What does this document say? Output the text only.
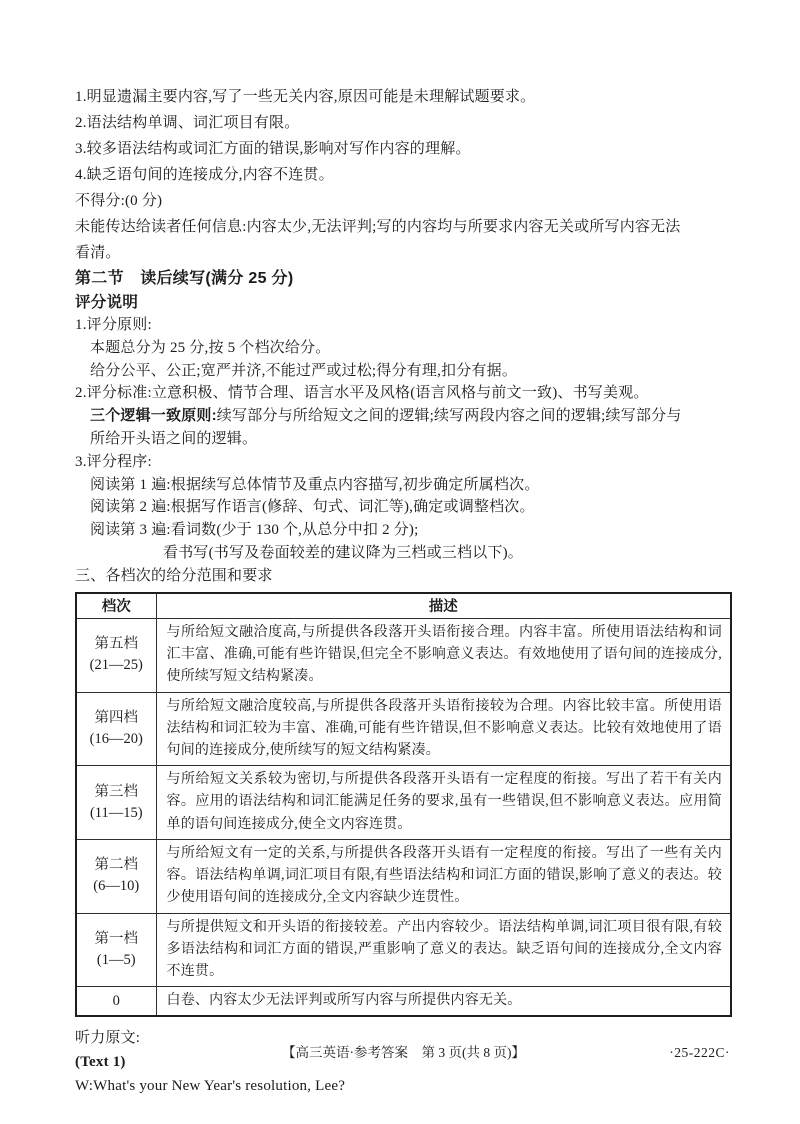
1.明显遗漏主要内容,写了一些无关内容,原因可能是未理解试题要求。
2.语法结构单调、词汇项目有限。
3.较多语法结构或词汇方面的错误,影响对写作内容的理解。
4.缺乏语句间的连接成分,内容不连贯。
不得分:(0 分)
未能传达给读者任何信息:内容太少,无法评判;写的内容均与所要求内容无关或所写内容无法
看清。
第二节　读后续写(满分 25 分)
评分说明
1.评分原则:
本题总分为 25 分,按 5 个档次给分。
给分公平、公正;宽严并济,不能过严或过松;得分有理,扣分有据。
2.评分标准:立意积极、情节合理、语言水平及风格(语言风格与前文一致)、书写美观。
三个逻辑一致原则:续写部分与所给短文之间的逻辑;续写两段内容之间的逻辑;续写部分与
所给开头语之间的逻辑。
3.评分程序:
阅读第 1 遍:根据续写总体情节及重点内容描写,初步确定所属档次。
阅读第 2 遍:根据写作语言(修辞、句式、词汇等),确定或调整档次。
阅读第 3 遍:看词数(少于 130 个,从总分中扣 2 分);
看书写(书写及卷面较差的建议降为三档或三档以下)。
三、各档次的给分范围和要求
档次	描述

第五档
(21—25)	与所给短文融洽度高,与所提供各段落开头语衔接合理。内容丰富。所使用语法结构和词汇丰富、准确,可能有些许错误,但完全不影响意义表达。有效地使用了语句间的连接成分,使所续写短文结构紧凑。

第四档
(16—20)	与所给短文融洽度较高,与所提供各段落开头语衔接较为合理。内容比较丰富。所使用语法结构和词汇较为丰富、准确,可能有些许错误,但不影响意义表达。比较有效地使用了语句间的连接成分,使所续写的短文结构紧凑。

第三档
(11—15)	与所给短文关系较为密切,与所提供各段落开头语有一定程度的衔接。写出了若干有关内容。应用的语法结构和词汇能满足任务的要求,虽有一些错误,但不影响意义表达。应用简单的语句间连接成分,使全文内容连贯。

第二档
(6—10)	与所给短文有一定的关系,与所提供各段落开头语有一定程度的衔接。写出了一些有关内容。语法结构单调,词汇项目有限,有些语法结构和词汇方面的错误,影响了意义的表达。较少使用语句间的连接成分,全文内容缺少连贯性。

第一档
(1—5)	与所提供短文和开头语的衔接较差。产出内容较少。语法结构单调,词汇项目很有限,有较多语法结构和词汇方面的错误,严重影响了意义的表达。缺乏语句间的连接成分,全文内容不连贯。
0	白卷、内容太少无法评判或所写内容与所提供内容无关。
听力原文:
(Text 1)
W:What's your New Year's resolution, Lee?
【高三英语·参考答案　第 3 页(共 8 页)】	·25-222C·
